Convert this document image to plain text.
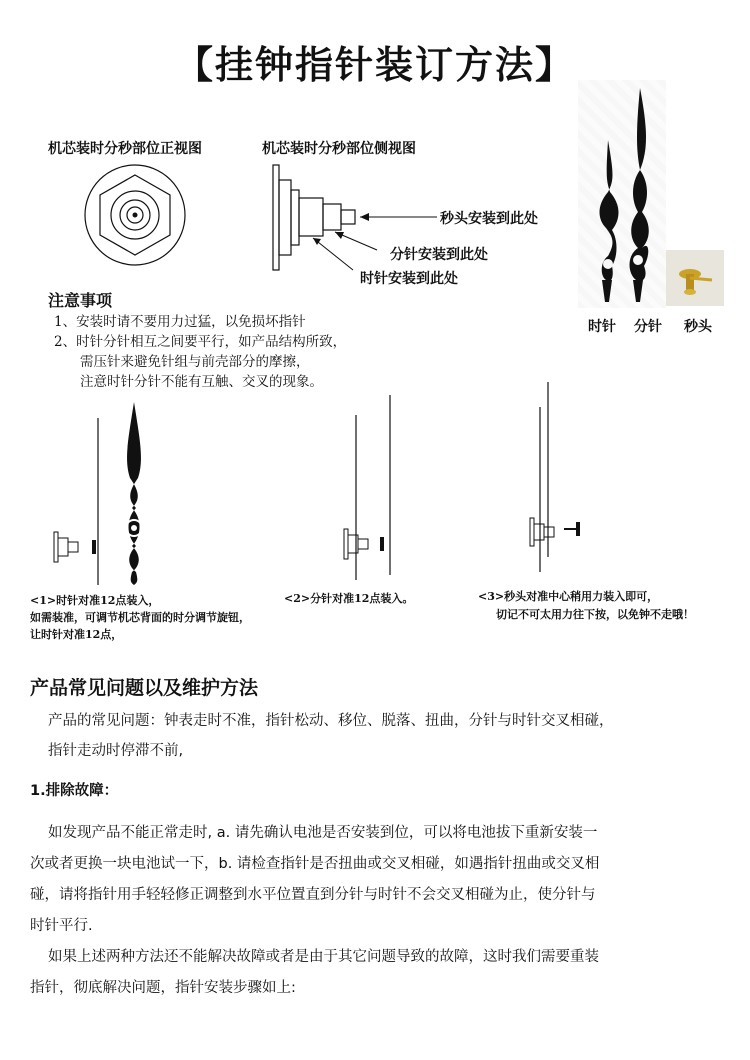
【挂钟指针装订方法】
机芯装时分秒部位正视图	机芯装时分秒部位侧视图
秒头安装到此处
分针安装到此处
时针安装到此处
时针 分针 秒头
注意事项
1、安装时请不要用力过猛，以免损坏指针
2、时针分针相互之间要平行，如产品结构所致，
需压针来避免针组与前壳部分的摩擦，
注意时针分针不能有互触、交叉的现象。
<1>时针对准12点装入，
如需装准，可调节机芯背面的时分调节旋钮，
让时针对准12点，
<2>分针对准12点装入。	<3>秒头对准中心稍用力装入即可，
切记不可太用力往下按，以免钟不走哦！
产品常见问题以及维护方法
产品的常见问题：钟表走时不准，指针松动、移位、脱落、扭曲，分针与时针交叉相碰，
指针走动时停滞不前,
1.排除故障：
如发现产品不能正常走时, a. 请先确认电池是否安装到位，可以将电池拔下重新安装一
次或者更换一块电池试一下，b. 请检查指针是否扭曲或交叉相碰，如遇指针扭曲或交叉相
碰，请将指针用手轻轻修正调整到水平位置直到分针与时针不会交叉相碰为止，使分针与
时针平行.
如果上述两种方法还不能解决故障或者是由于其它问题导致的故障，这时我们需要重装
指针，彻底解决问题，指针安装步骤如上:
